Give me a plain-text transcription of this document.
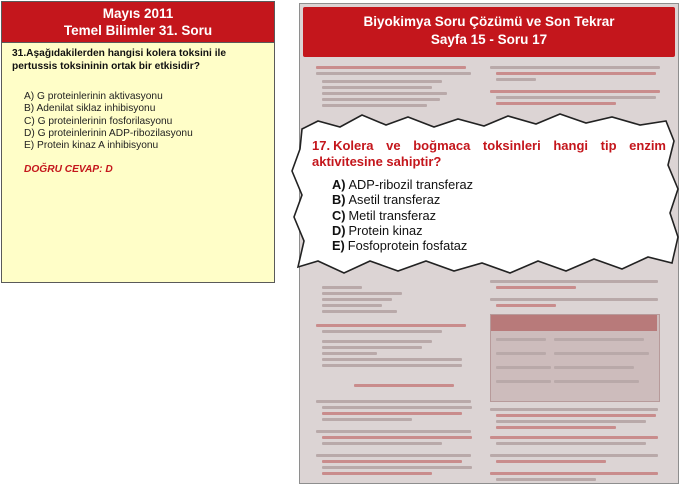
Mayıs 2011
Temel Bilimler 31. Soru
31.Aşağıdakilerden hangisi kolera toksini ile pertussis toksininin ortak bir etkisidir?
A) G proteinlerinin aktivasyonu
B) Adenilat siklaz inhibisyonu
C) G proteinlerinin fosforilasyonu
D) G proteinlerinin ADP-ribozilasyonu
E) Protein kinaz A inhibisyonu
DOĞRU CEVAP: D
Biyokimya Soru Çözümü ve Son Tekrar
Sayfa 15 - Soru 17
17. Kolera ve boğmaca toksinleri hangi tip enzim aktivitesine sahiptir?
A) ADP-ribozil transferaz
B) Asetil transferaz
C) Metil transferaz
D) Protein kinaz
E) Fosfoprotein fosfataz
